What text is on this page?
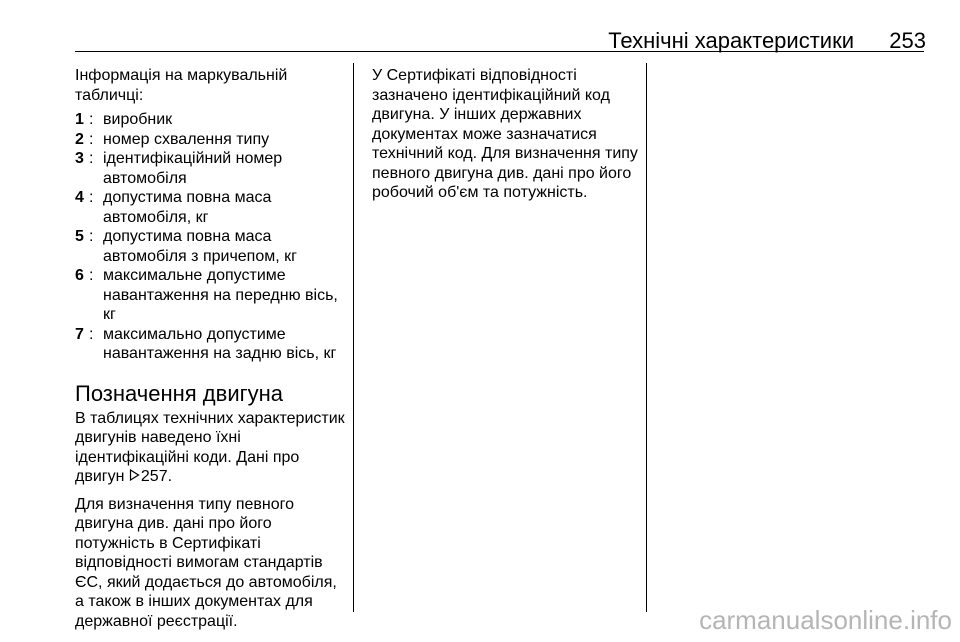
Технічні характеристики 253

Інформація на маркувальній табличці:

1 : виробник
2 : номер схвалення типу
3 : ідентифікаційний номер автомобіля
4 : допустима повна маса автомобіля, кг
5 : допустима повна маса автомобіля з причепом, кг
6 : максимальне допустиме навантаження на передню вісь, кг
7 : максимально допустиме навантаження на задню вісь, кг
Позначення двигуна

В таблицях технічних характеристик двигунів наведено їхні ідентифікаційні коди. Дані про двигун 257.

Для визначення типу певного двигуна див. дані про його потужність в Сертифікаті відповідності вимогам стандартів ЄС, який додається до автомобіля, а також в інших документах для державної реєстрації.

У Сертифікаті відповідності зазначено ідентифікаційний код двигуна. У інших державних документах може зазначатися технічний код. Для визначення типу певного двигуна див. дані про його робочий об'єм та потужність.

carmanualsonline.info
